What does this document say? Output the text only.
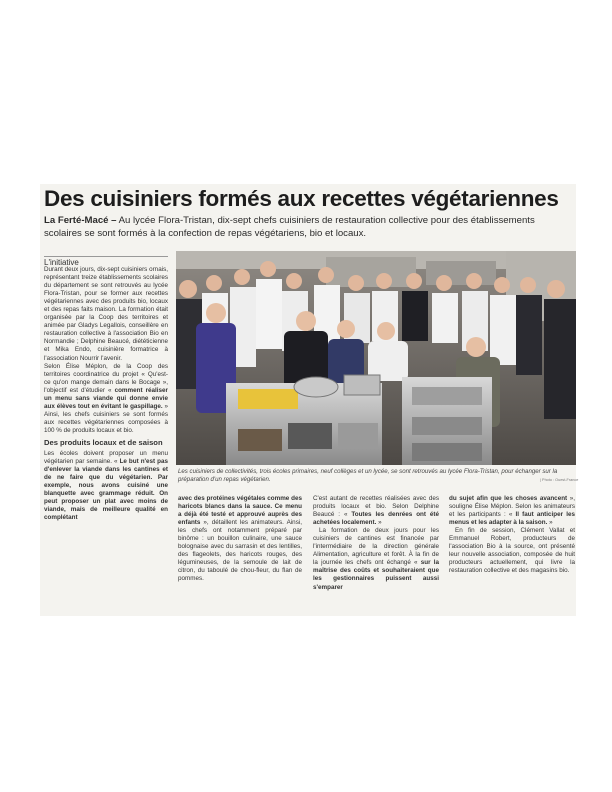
Des cuisiniers formés aux recettes végétariennes

La Ferté-Macé – Au lycée Flora-Tristan, dix-sept chefs cuisiniers de restauration collective pour des établissements scolaires se sont formés à la confection de repas végétariens, bio et locaux.

L'initiative

Durant deux jours, dix-sept cuisiniers ornais, représentant treize établissements scolaires du département se sont retrouvés au lycée Flora-Tristan, pour se former aux recettes végétariennes avec des produits bio, locaux et des repas faits maison. La formation était organisée par la Coop des territoires et animée par Gladys Legallois, conseillère en restauration collective à l'association Bio en Normandie ; Delphine Beaucé, diététicienne et Mika Endo, cuisinière formatrice à l'association Nourrir l'avenir.

Selon Élise Méplon, de la Coop des territoires coordinatrice du projet « Qu'est-ce qu'on mange demain dans le Bocage », l'objectif est d'étudier « comment réaliser un menu sans viande qui donne envie aux élèves tout en évitant le gaspillage. » Ainsi, les chefs cuisiniers se sont formés aux recettes végétariennes composées à 100 % de produits locaux et bio.

Des produits locaux et de saison

Les écoles doivent proposer un menu végétarien par semaine. « Le but n'est pas d'enlever la viande dans les cantines et de ne faire que du végétarien. Par exemple, nous avons cuisiné une blanquette avec grammage réduit. On peut proposer un plat avec moins de viande, mais de meilleure qualité en complétant

Les cuisiniers de collectivités, trois écoles primaires, neuf collèges et un lycée, se sont retrouvés au lycée Flora-Tristan, pour échanger sur la préparation d'un repas végétarien.	| Photo : Ouest-France

avec des protéines végétales comme des haricots blancs dans la sauce. Ce menu a déjà été testé et approuvé auprès des enfants », détaillent les animateurs. Ainsi, les chefs ont notamment préparé par binôme : un bouillon culinaire, une sauce bolognaise avec du sarrasin et des lentilles, des flageolets, des haricots rouges, des légumineuses, de la semoule de lait de citron, du taboulé de chou-fleur, du flan de pommes.

C'est autant de recettes réalisées avec des produits locaux et bio. Selon Delphine Beaucé : « Toutes les denrées ont été achetées localement. »

La formation de deux jours pour les cuisiniers de cantines est financée par l'intermédiaire de la direction générale Alimentation, agriculture et forêt. À la fin de la journée les chefs ont échangé « sur la maîtrise des coûts et souhaiteraient que les gestionnaires puissent aussi s'emparer

du sujet afin que les choses avancent », souligne Élise Méplon. Selon les animateurs et les participants : « Il faut anticiper les menus et les adapter à la saison. »

En fin de session, Clément Vallat et Emmanuel Robert, producteurs de l'association Bio à la source, ont présenté leur nouvelle association, composée de huit producteurs actuellement, qui livre la restauration collective et des magasins bio.
